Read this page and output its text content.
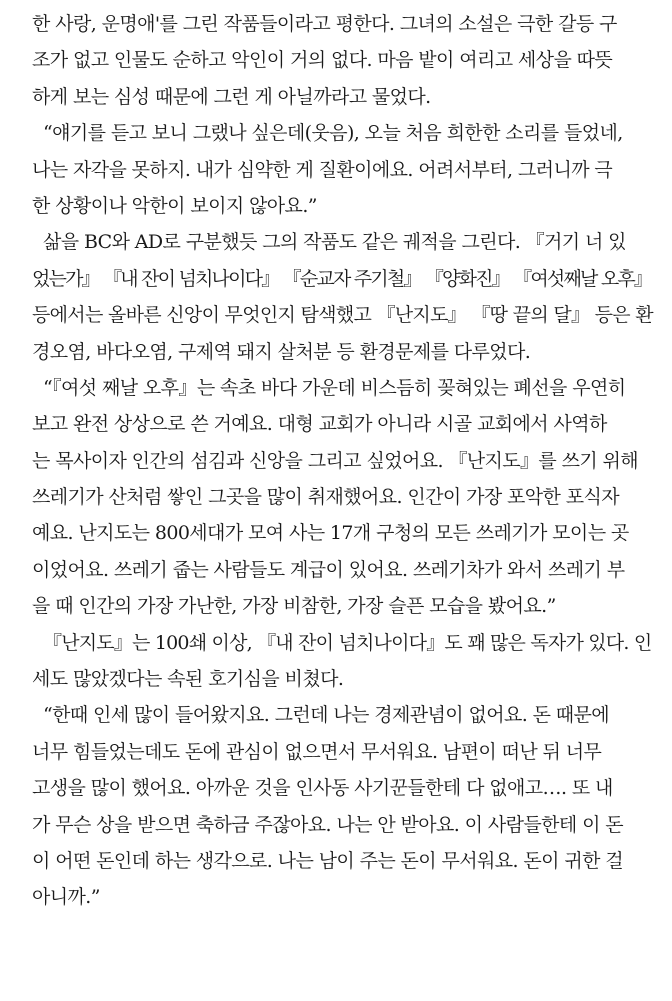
한 사랑, 운명애'를 그린 작품들이라고 평한다. 그녀의 소설은 극한 갈등 구
조가 없고 인물도 순하고 악인이 거의 없다. 마음 밭이 여리고 세상을 따뜻
하게 보는 심성 때문에 그런 게 아닐까라고 물었다.
“얘기를 듣고 보니 그랬나 싶은데(웃음), 오늘 처음 희한한 소리를 들었네,
나는 자각을 못하지. 내가 심약한 게 질환이에요. 어려서부터, 그러니까 극
한 상황이나 악한이 보이지 않아요.”
삶을 BC와 AD로 구분했듯 그의 작품도 같은 궤적을 그린다. 『거기 너 있
었는가』 『내 잔이 넘치나이다』 『순교자 주기철』 『양화진』 『여섯째날 오후』
등에서는 올바른 신앙이 무엇인지 탐색했고 『난지도』 『땅 끝의 달』 등은 환
경오염, 바다오염, 구제역 돼지 살처분 등 환경문제를 다루었다.
“『여섯 째날 오후』는 속초 바다 가운데 비스듬히 꽂혀있는 폐선을 우연히
보고 완전 상상으로 쓴 거예요. 대형 교회가 아니라 시골 교회에서 사역하
는 목사이자 인간의 섬김과 신앙을 그리고 싶었어요. 『난지도』를 쓰기 위해
쓰레기가 산처럼 쌓인 그곳을 많이 취재했어요. 인간이 가장 포악한 포식자
예요. 난지도는 800세대가 모여 사는 17개 구청의 모든 쓰레기가 모이는 곳
이었어요. 쓰레기 줍는 사람들도 계급이 있어요. 쓰레기차가 와서 쓰레기 부
을 때 인간의 가장 가난한, 가장 비참한, 가장 슬픈 모습을 봤어요.”
『난지도』는 100쇄 이상, 『내 잔이 넘치나이다』도 꽤 많은 독자가 있다. 인
세도 많았겠다는 속된 호기심을 비쳤다.
“한때 인세 많이 들어왔지요. 그런데 나는 경제관념이 없어요. 돈 때문에
너무 힘들었는데도 돈에 관심이 없으면서 무서워요. 남편이 떠난 뒤 너무
고생을 많이 했어요. 아까운 것을 인사동 사기꾼들한테 다 없애고…. 또 내
가 무슨 상을 받으면 축하금 주잖아요. 나는 안 받아요. 이 사람들한테 이 돈
이 어떤 돈인데 하는 생각으로. 나는 남이 주는 돈이 무서워요. 돈이 귀한 걸
아니까.”
